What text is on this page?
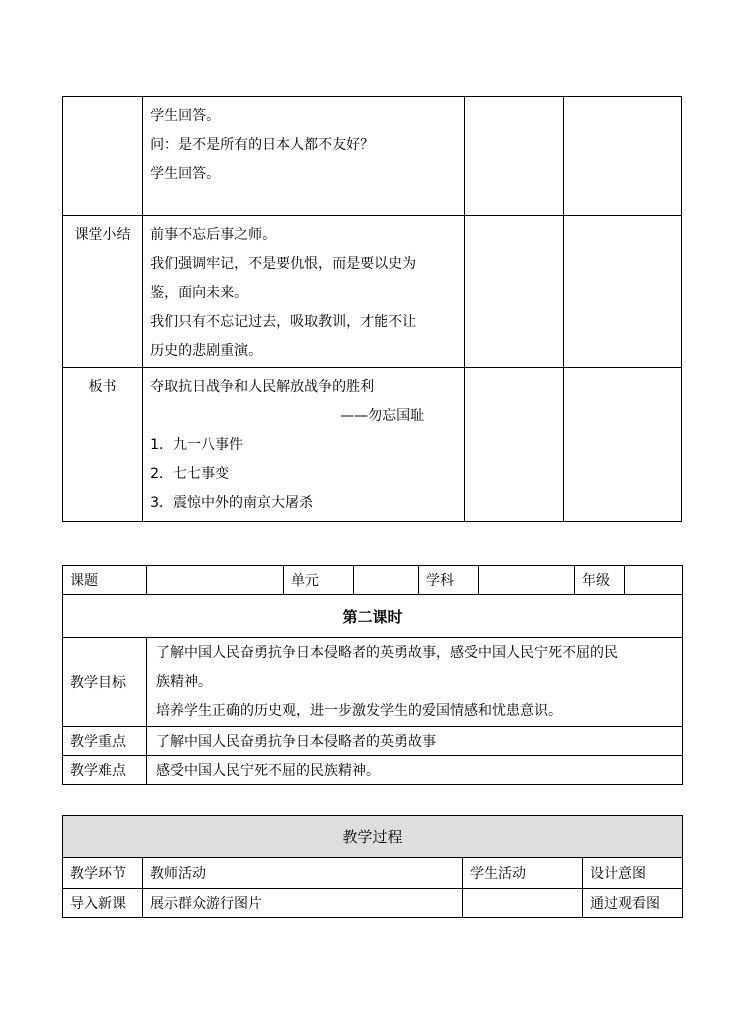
	学生回答。
问：是不是所有的日本人都不友好？
学生回答。		

课堂小结	前事不忘后事之师。
我们强调牢记，不是要仇恨，而是要以史为
鉴，面向未来。
我们只有不忘记过去，吸取教训，才能不让
历史的悲剧重演。		

板书	夺取抗日战争和人民解放战争的胜利
——勿忘国耻
1．九一八事件
2．七七事变
3．震惊中外的南京大屠杀		

课题		单元		学科		年级	
第二课时							
教学目标	了解中国人民奋勇抗争日本侵略者的英勇故事，感受中国人民宁死不屈的民
族精神。
培养学生正确的历史观，进一步激发学生的爱国情感和忧患意识。						

教学重点	了解中国人民奋勇抗争日本侵略者的英勇故事						
教学难点	感受中国人民宁死不屈的民族精神。						
教学过程			
教学环节	教师活动	学生活动	设计意图
导入新课	展示群众游行图片		通过观看图
